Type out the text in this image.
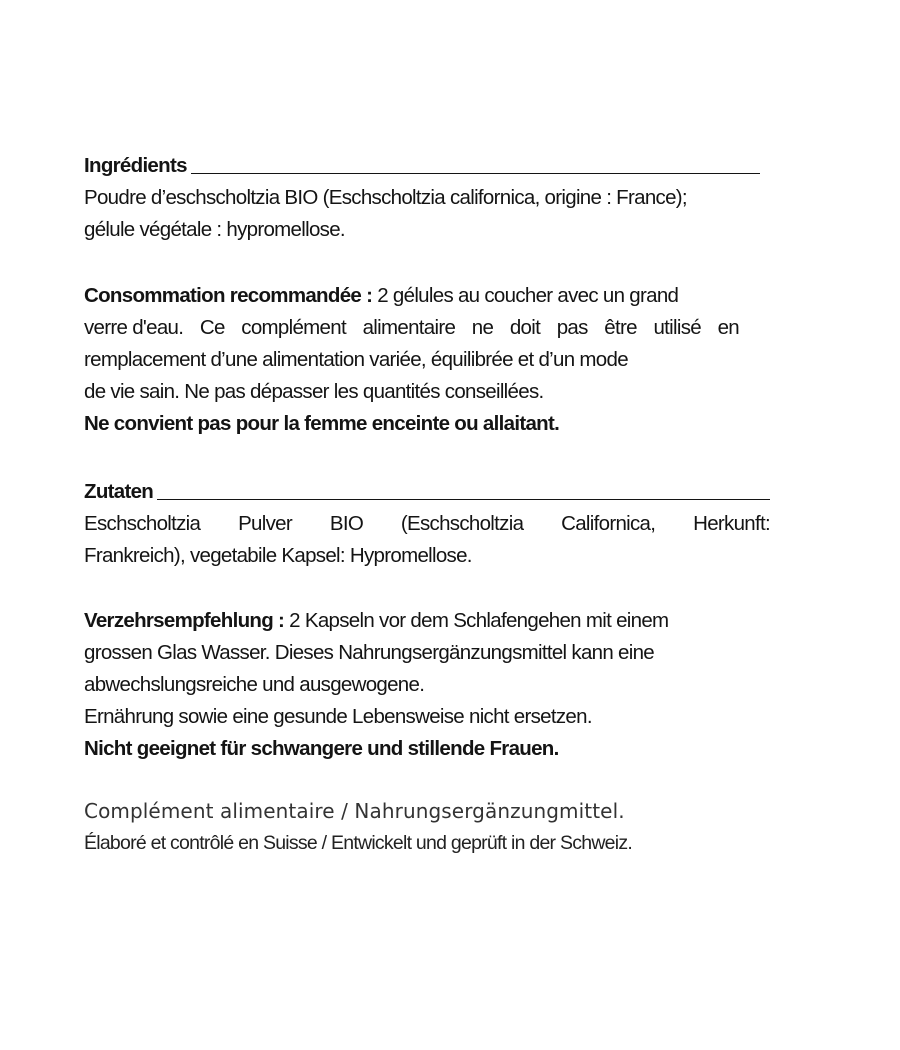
Ingrédients
Poudre d’eschscholtzia BIO (Eschscholtzia californica, origine : France);
gélule végétale : hypromellose.
Consommation recommandée : 2 gélules au coucher avec un grand
verre d'eau. Ce complément alimentaire ne doit pas être utilisé en
remplacement d’une alimentation variée, équilibrée et d’un mode
de vie sain. Ne pas dépasser les quantités conseillées.
Ne convient pas pour la femme enceinte ou allaitant.
Zutaten
Eschscholtzia Pulver BIO (Eschscholtzia Californica, Herkunft:
Frankreich), vegetabile Kapsel: Hypromellose.
Verzehrsempfehlung : 2 Kapseln vor dem Schlafengehen mit einem
grossen Glas Wasser. Dieses Nahrungsergänzungsmittel kann eine
abwechslungsreiche und ausgewogene.
Ernährung sowie eine gesunde Lebensweise nicht ersetzen.
Nicht geeignet für schwangere und stillende Frauen.
Complément alimentaire / Nahrungsergänzungmittel.
Élaboré et contrôlé en Suisse / Entwickelt und geprüft in der Schweiz.
